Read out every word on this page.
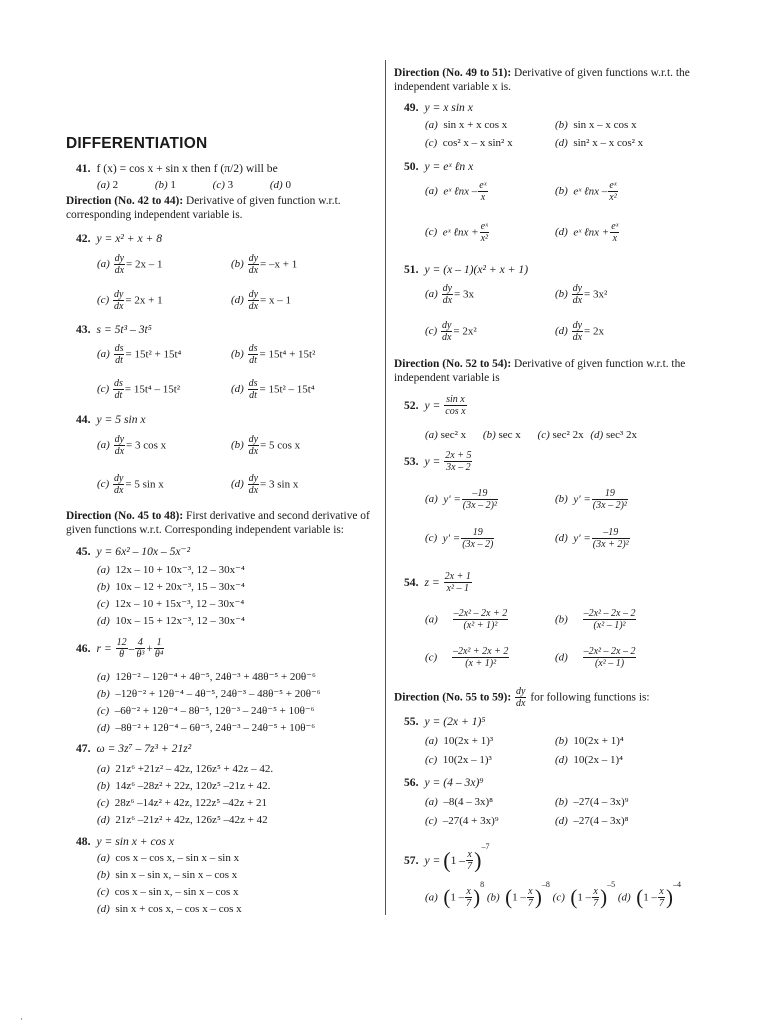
DIFFERENTIATION
41. f (x) = cos x + sin x then f (π/2) will be
(a) 2	(b) 1	(c) 3	(d) 0
Direction (No. 42 to 44): Derivative of given function w.r.t. corresponding independent variable is.
42. y = x² + x + 8
$(a) \frac{dy}{dx} = 2x - 1$	$(b) \frac{dy}{dx} = -x + 1$
$(c) \frac{dy}{dx} = 2x + 1$	$(d) \frac{dy}{dx} = x - 1$
43. s = 5t³ – 3t⁵
$(a) \frac{ds}{dt} = 15t^2 + 15t^4$	$(b) \frac{ds}{dt} = 15t^4 + 15t^2$
$(c) \frac{ds}{dt} = 15t^4 - 15t^2$	$(d) \frac{ds}{dt} = 15t^2 - 15t^4$
44. y = 5 sin x
$(a) \frac{dy}{dx} = 3$ cos x	$(b) \frac{dy}{dx} = 5$ cos x
$(c) \frac{dy}{dx} = 5$ sin x	$(d) \frac{dy}{dx} = 3$ sin x
Direction (No. 45 to 48): First derivative and second derivative of given functions w.r.t. Corresponding independent variable is:
45. y = 6x² – 10x – 5x⁻²
(a) 12x – 10 + 10x⁻³, 12 – 30x⁻⁴
(b) 10x – 12 + 20x⁻³, 15 – 30x⁻⁴
(c) 12x – 10 + 15x⁻³, 12 – 30x⁻⁴
(d) 10x – 15 + 12x⁻³, 12 – 30x⁻⁴
46. $r = \frac{12}{\theta} - \frac{4}{\text{θ³}} + \frac{1}{\text{θ⁴}}$
(a) 12θ⁻² – 12θ⁻⁴ + 4θ⁻⁵, 24θ⁻³ + 48θ⁻⁵ + 20θ⁻⁶
(b) –12θ⁻² + 12θ⁻⁴ – 4θ⁻⁵, 24θ⁻³ – 48θ⁻⁵ + 20θ⁻⁶
(c) –6θ⁻² + 12θ⁻⁴ – 8θ⁻⁵, 12θ⁻³ – 24θ⁻⁵ + 10θ⁻⁶
(d) –8θ⁻² + 12θ⁻⁴ – 6θ⁻⁵, 24θ⁻³ – 24θ⁻⁵ + 10θ⁻⁶
47. ω = 3z⁷ – 7z³ + 21z²
(a) 21z⁶ +21z² – 42z, 126z⁵ + 42z – 42.
(b) 14z⁶ –28z² + 22z, 120z⁵ –21z + 42.
(c) 28z⁶ –14z² + 42z, 122z⁵ –42z + 21
(d) 21z⁶ –21z² + 42z, 126z⁵ –42z + 42
48. y = sin x + cos x
(a) cos x – cos x, – sin x – sin x
(b) sin x – sin x, – sin x – cos x
(c) cos x – sin x, – sin x – cos x
(d) sin x + cos x, – cos x – cos x
Direction (No. 49 to 51): Derivative of given functions w.r.t. the independent variable x is.
49. y = x sin x
(a) sin x + x cos x	(b) sin x – x cos x
(c) cos² x – x sin² x	(d) sin² x – x cos² x
50. y = eˣ ℓn x
(a) eˣ ℓnx – $\frac{\text{eˣ}}{x}$	(b) eˣ ℓnx – $\frac{\text{eˣ}}{\text{x²}}$
(c) eˣ ℓnx + $\frac{\text{eˣ}}{\text{x²}}$	(d) eˣ ℓnx + $\frac{\text{eˣ}}{x}$
51. y = (x – 1)(x² + x + 1)
$(a) \frac{dy}{dx} = 3x$	$(b) \frac{dy}{dx} = 3x^2$
$(c) \frac{dy}{dx} = 2x^2$	$(d) \frac{dy}{dx} = 2x$
Direction (No. 52 to 54): Derivative of given function w.r.t. the independent variable is
52. $y = \frac{\text{sin x}}{\text{cos x}}$
(a) sec² x (b) sec x (c) sec² 2x (d) sec³ 2x
53. $y = \frac{2x + 5}{3x - 2}$
(a) $y' = \frac{-19}{\text{(3x – 2)²}}$	(b) $y' = \frac{19}{\text{(3x – 2)²}}$
(c) $y' = \frac{19}{(3x - 2)}$	(d) $y' = \frac{-19}{\text{(3x + 2)²}}$
54. $z = \frac{2x + 1}{\text{x² – 1}}$
$(a) \frac{\text{–2x² – 2x + 2}}{\text{(x² + 1)²}}$	$(b) \frac{\text{–2x² – 2x – 2}}{\text{(x² – 1)²}}$
$(c) \frac{\text{–2x² + 2x + 2}}{\text{(x + 1)²}}$	$(d) \frac{\text{–2x² – 2x – 2}}{\text{(x² – 1)}}$
Direction (No. 55 to 59): $\frac{dy}{dx}$ for following functions is:
55. y = (2x + 1)⁵
(a) 10(2x + 1)³	(b) 10(2x + 1)⁴
(c) 10(2x – 1)³	(d) 10(2x – 1)⁴
56. y = (4 – 3x)⁹
(a) –8(4 – 3x)⁸	(b) –27(4 – 3x)⁹
(c) –27(4 + 3x)⁹	(d) –27(4 – 3x)⁸
57. $y = (1 - \frac{x}{7} )^{-7}$
(a) $(1 - \frac{x}{7} )^8$ (b) $(1 - \frac{x}{7} )^{-8}$ (c) $(1 - \frac{x}{7} )^{-5}$ (d) $(1 - \frac{x}{7} )^{-4}$
·
